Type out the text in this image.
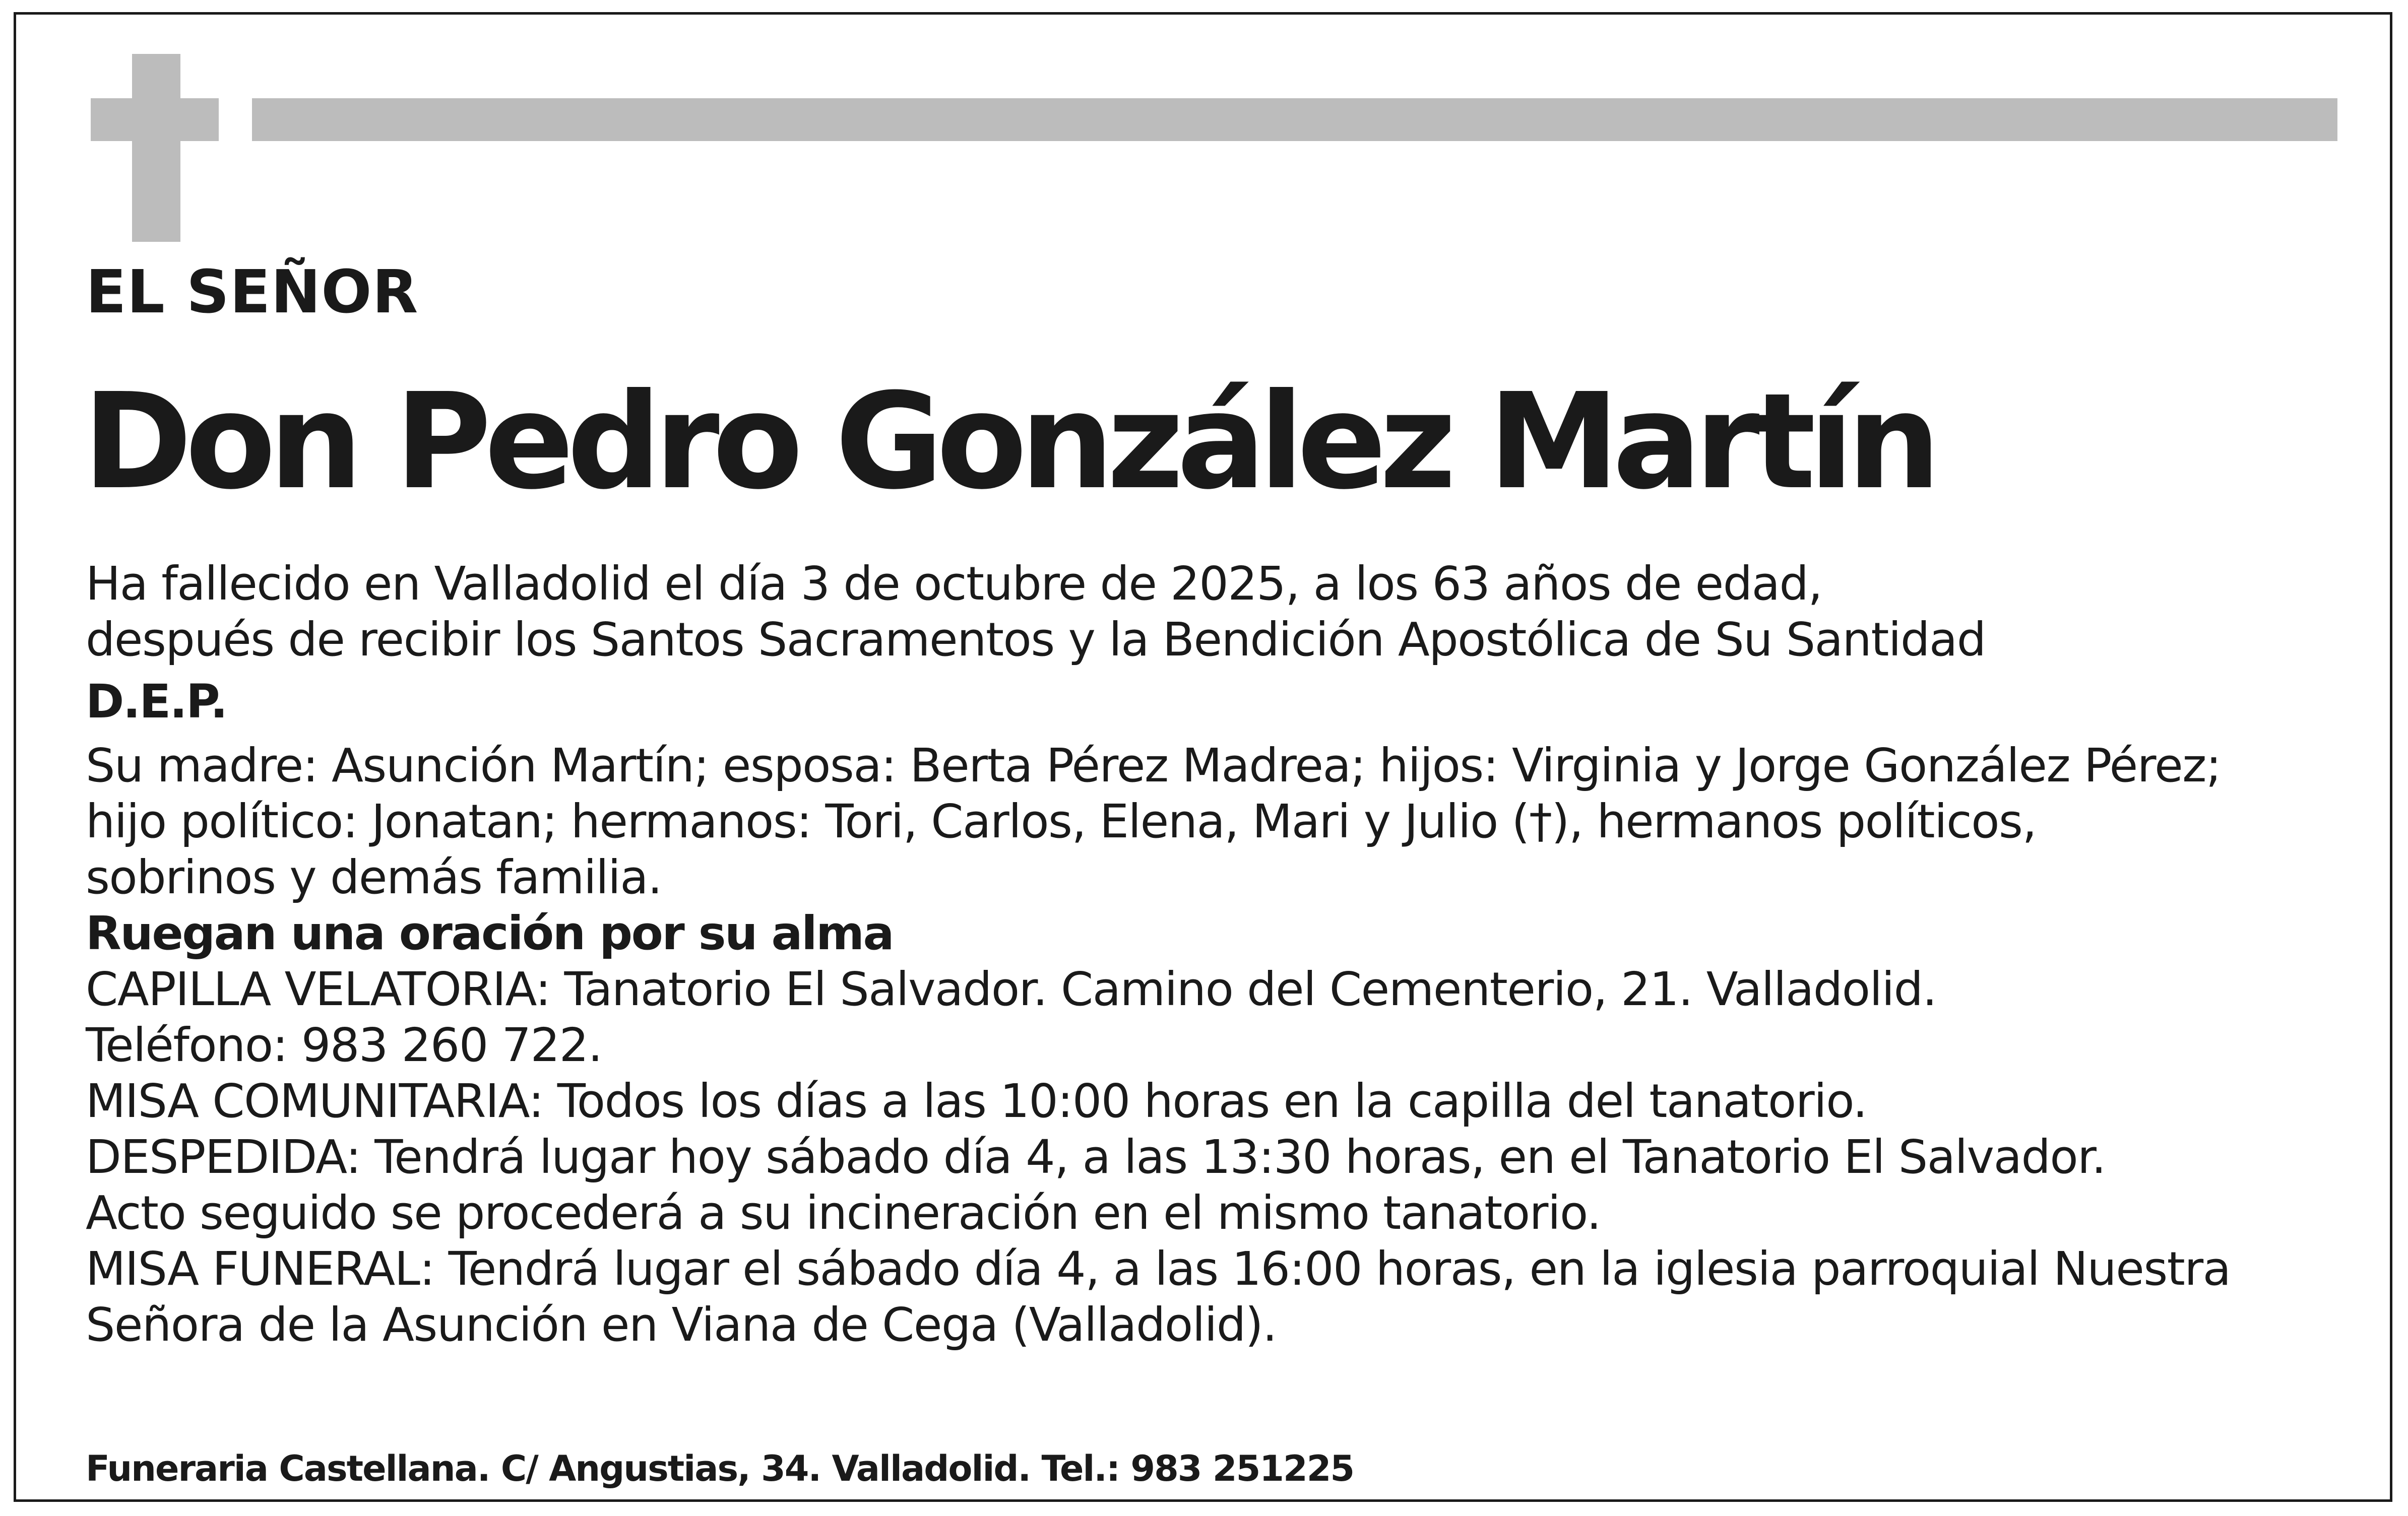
EL SEÑOR
Don Pedro González Martín
Ha fallecido en Valladolid el día 3 de octubre de 2025, a los 63 años de edad,
después de recibir los Santos Sacramentos y la Bendición Apostólica de Su Santidad
D.E.P.
Su madre: Asunción Martín; esposa: Berta Pérez Madrea; hijos: Virginia y Jorge González Pérez;
hijo político: Jonatan; hermanos: Tori, Carlos, Elena, Mari y Julio (†), hermanos políticos,
sobrinos y demás familia.
Ruegan una oración por su alma
CAPILLA VELATORIA: Tanatorio El Salvador. Camino del Cementerio, 21. Valladolid.
Teléfono: 983 260 722.
MISA COMUNITARIA: Todos los días a las 10:00 horas en la capilla del tanatorio.
DESPEDIDA: Tendrá lugar hoy sábado día 4, a las 13:30 horas, en el Tanatorio El Salvador.
Acto seguido se procederá a su incineración en el mismo tanatorio.
MISA FUNERAL: Tendrá lugar el sábado día 4, a las 16:00 horas, en la iglesia parroquial Nuestra
Señora de la Asunción en Viana de Cega (Valladolid).
Funeraria Castellana. C/ Angustias, 34. Valladolid. Tel.: 983 251225
